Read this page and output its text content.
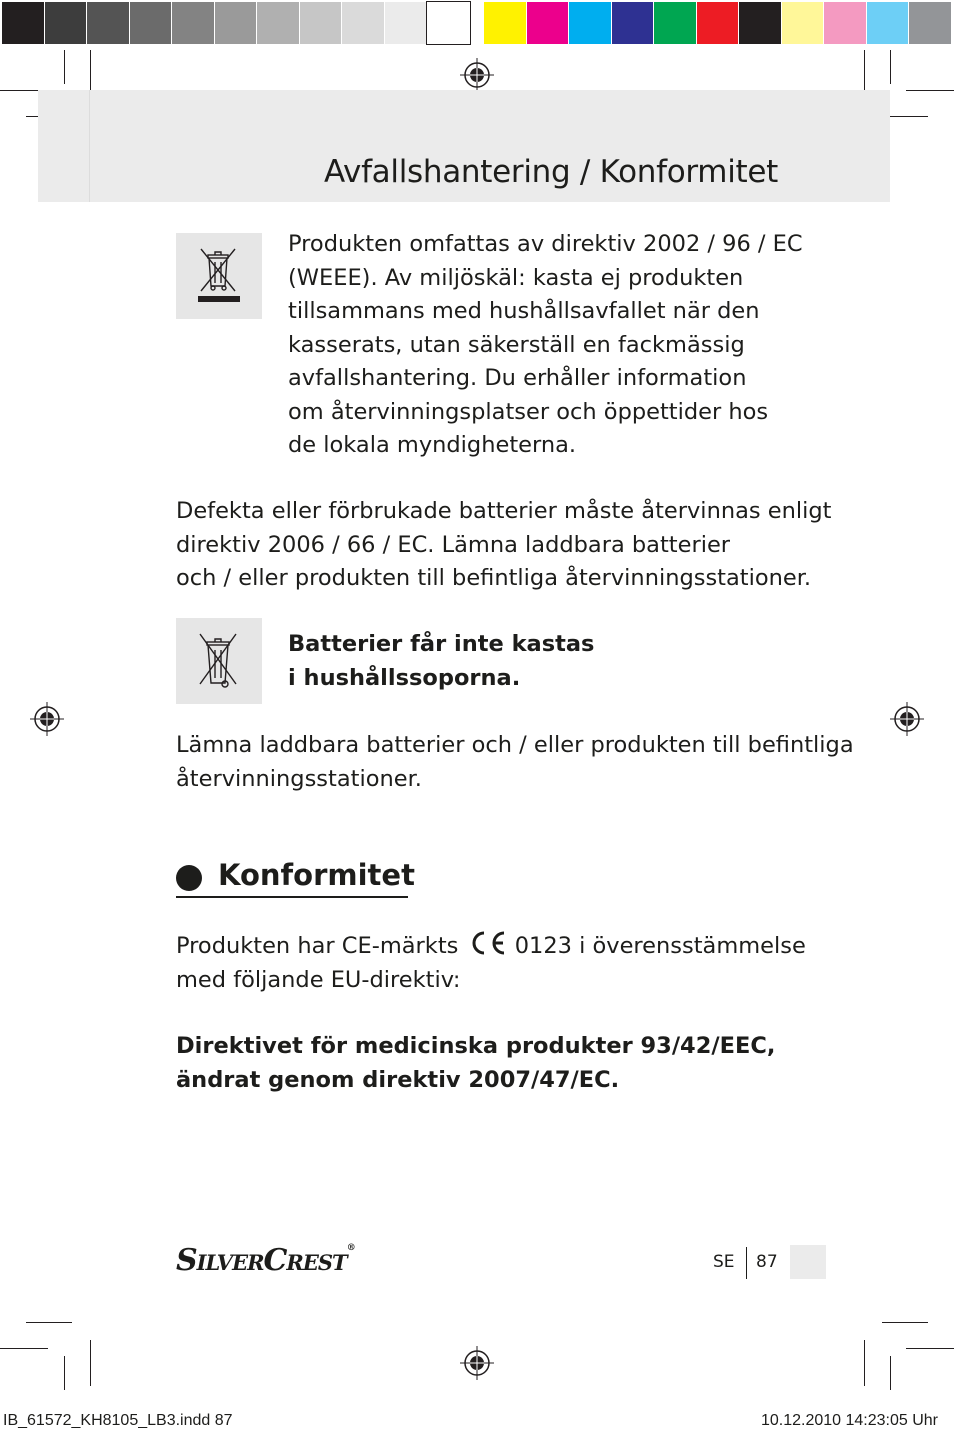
Avfallshantering / Konformitet
Produkten omfattas av direktiv 2002 / 96 / EC
(WEEE). Av miljöskäl: kasta ej produkten
tillsammans med hushållsavfallet när den
kasserats, utan säkerställ en fackmässig
avfallshantering. Du erhåller information
om återvinningsplatser och öppettider hos
de lokala myndigheterna.
Defekta eller förbrukade batterier måste återvinnas enligt
direktiv 2006 / 66 / EC. Lämna laddbara batterier
och / eller produkten till befintliga återvinningsstationer.
Batterier får inte kastas
i hushållssoporna.
Lämna laddbara batterier och / eller produkten till befintliga
återvinningsstationer.
Konformitet
Produkten har CE-märkts	0123 i överensstämmelse
med följande EU-direktiv:
Direktivet för medicinska produkter 93/42/EEC,
ändrat genom direktiv 2007/47/EC.
SILVERCREST®
SE 87
IB_61572_KH8105_LB3.indd 87	10.12.2010 14:23:05 Uhr
